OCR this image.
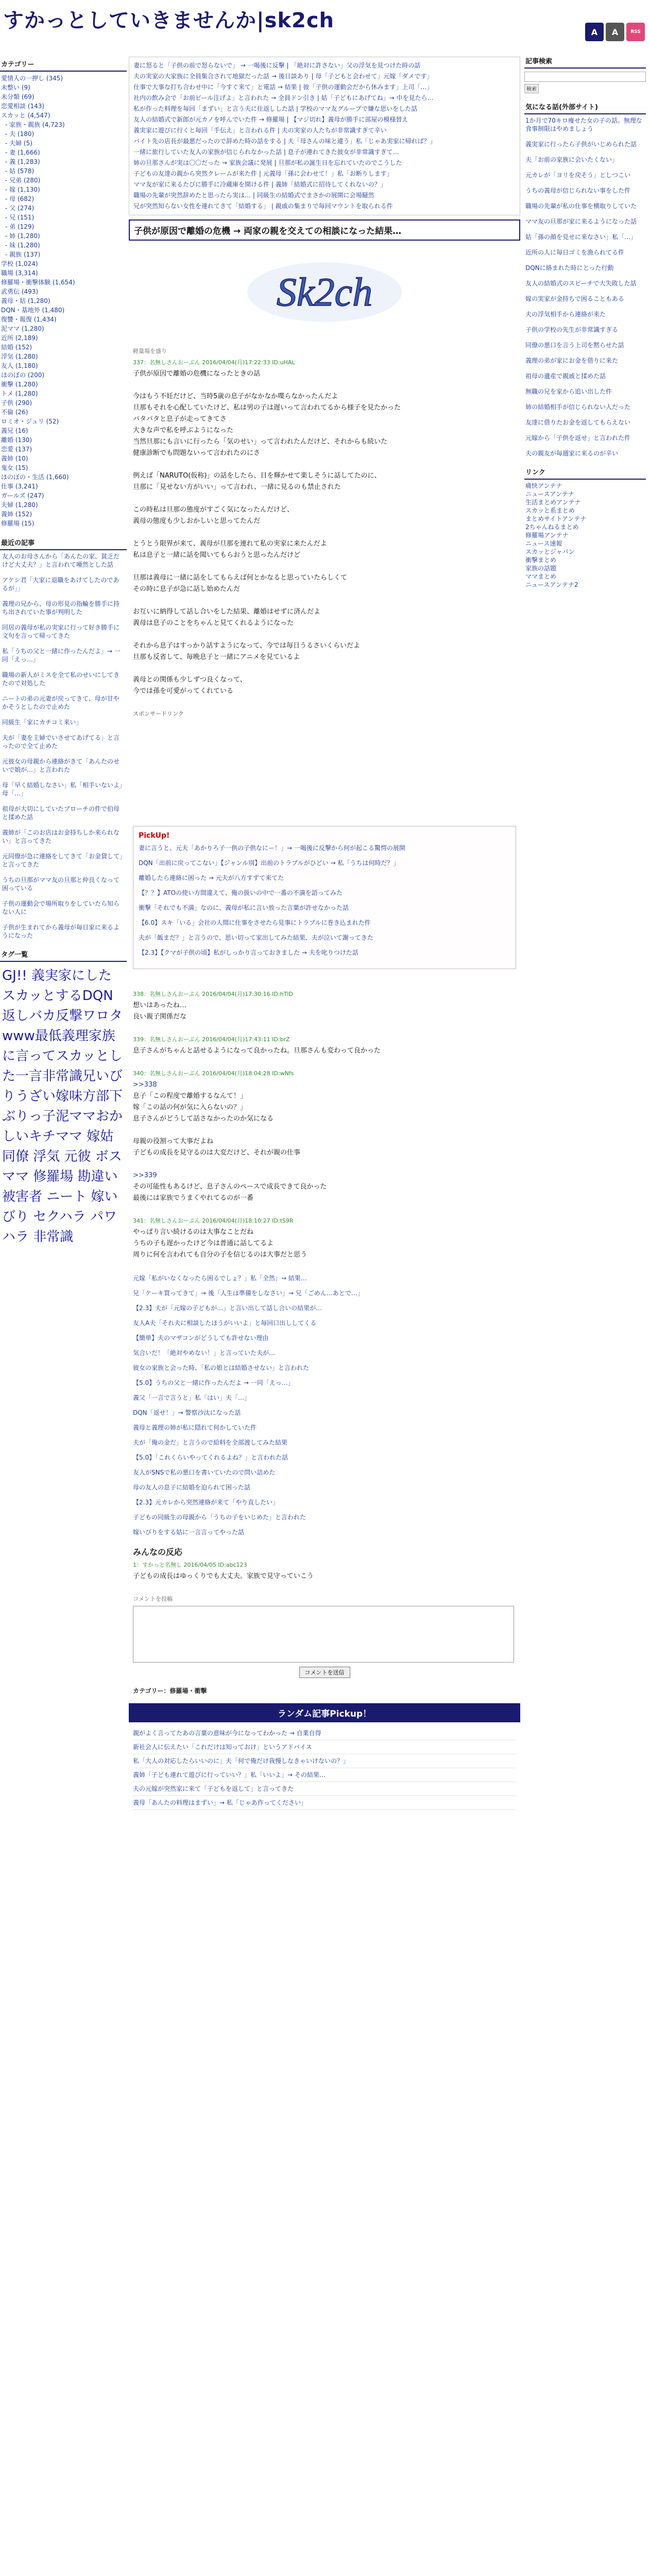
すかっとしていきませんか|sk2ch	A	A	RSS
カテゴリー
愛情人の一押し (345)
未整い (9)
未分類 (69)
恋愛相談 (143)
スカッと (4,547)
- 家族・親族 (4,723)
- 夫 (180)
- 夫婦 (5)
- 妻 (1,666)
- 義 (1,283)
- 姑 (578)
- 兄弟 (280)
- 嫁 (1,130)
- 母 (682)
- 父 (274)
- 兄 (151)
- 弟 (129)
- 姉 (1,280)
- 妹 (1,280)
- 親族 (137)
学校 (1,024)
職場 (3,314)
修羅場・衝撃体験 (1,654)
武勇伝 (493)
義母・姑 (1,280)
DQN・基地外 (1,480)
復讐・報復 (1,434)
泥ママ (1,280)
近所 (2,189)
結婚 (152)
浮気 (1,280)
友人 (1,180)
ほのぼの (200)
衝撃 (1,280)
トメ (1,280)
子供 (290)
不倫 (26)
ロミオ・ジュリ (52)
義兄 (16)
離婚 (130)
恋愛 (137)
義姉 (10)
鬼女 (15)
ほのぼの・生活 (1,660)
仕事 (3,241)
ガールズ (247)
夫婦 (1,280)
義姉 (152)
修羅場 (15)
最近の記事

友人のお母さんから「あんたの家、貧乏だけど大丈夫？」と言われて唖然とした話

アケシ君「大家に退職をあけてしたのであるが」」

義理の兄から、母の形見の指輪を勝手に持ち出されていた事が判明した

同居の義母が私の実家に行って好き勝手に文句を言って帰ってきた

私「うちの父と一緒に作ったんだよ」→ 一同「えっ…」

職場の新人がミスを全て私のせいにしてきたので対処した

ニートの弟の元妻が戻ってきて、母が甘やかそうとしたので止めた

同級生「家にカチコミ来い」

夫が「妻を主婦でいさせてあげてる」と言ったので全て止めた

元彼女の母親から連絡がきて「あんたのせいで娘が…」と言われた

母「早く結婚しなさい」私「相手いないよ」母「…」

祖母が大切にしていたブローチの件で伯母と揉めた話

義姉が「このお店はお金持ちしか来られない」と言ってきた

元同僚が急に連絡をしてきて「お金貸して」と言ってきた

うちの旦那がママ友の旦那と仲良くなって困っている

子供の運動会で場所取りをしていたら知らない人に

子供が生まれてから義母が毎日家に来るようになった

タグ一覧
GJ!! 義実家にしたスカッとするDQN返しバカ反撃ワロタwww最低義理家族に言ってスカッとした一言非常識兄いびりうざい嫁味方部下 ぶりっ子泥ママおかしいキチママ 嫁姑 同僚 浮気 元彼 ボスママ 修羅場 勘違い 被害者 ニート 嫁いびり セクハラ パワハラ 非常識

妻に怒ると「子供の前で怒らないで」 → 一喝後に反撃 | 「絶対に許さない」父の浮気を見つけた時の話

夫の実家の大家族に全員集合されて地獄だった話 → 後日談あり | 母「子どもと会わせて」元嫁「ダメです」

仕事で大事な打ち合わせ中に「今すぐ来て」と電話 → 結果 | 彼「子供の運動会だから休みます」上司「…」

社内の飲み会で「お前ビール注げよ」と言われた → 全員ドン引き | 姑「子どもにあげてね」→ 中を見たら…

私が作った料理を毎回「まずい」と言う夫に仕返しした話 | 学校のママ友グループで嫌な思いをした話

友人の結婚式で新郎が元カノを呼んでいた件 → 修羅場 | 【マジ切れ】義母が勝手に部屋の模様替え

義実家に遊びに行くと毎回「手伝え」と言われる件 | 夫の実家の人たちが非常識すぎて辛い

バイト先の店長が最悪だったので辞めた時の話をする | 夫「母さんの味と違う」私「じゃあ実家に帰れば？」

一緒に旅行していた友人の家族が信じられなかった話 | 息子が連れてきた彼女が非常識すぎて…

姉の旦那さんが実は〇〇だった → 家族会議に発展 | 旦那が私の誕生日を忘れていたのでこうした

子どもの友達の親から突然クレームが来た件 | 元義母「孫に会わせて！」私「お断りします」

ママ友が家に来るたびに勝手に冷蔵庫を開ける件 | 義姉「結婚式に招待してくれないの？」

職場の先輩が突然辞めたと思ったら実は… | 同級生の結婚式でまさかの展開に会場騒然

兄が突然知らない女性を連れてきて「結婚する」 | 親戚の集まりで毎回マウントを取られる件

子供が原因で離婚の危機 → 両家の親を交えての相談になった結果…
Sk2ch
軽量場を盛り
337：名無しさんおーぷん 2016/04/04(月)17:22:33 ID:uHAL

子供が原因で離婚の危機になったときの話

今はもう不妊だけど、当時5歳の息子がなかなか喋らなかったんだよ

旦那もそれを心配していたけど、私は男の子は遅いって言われてるから様子を見たかった

パタパタと息子が走ってきてさ

大きな声で私を呼ぶようになった

当然旦那にも言いに行ったら「気のせい」って言われたんだけど、それからも続いた

健康診断でも問題ないって言われたのにさ

例えば「NARUTO(仮称)」の話をしたら、目を輝かせて楽しそうに話してたのに、

旦那に「見せない方がいい」って言われ、一緒に見るのも禁止された

この時私は旦那の態度がすごく気になったんだけど、

義母の態度も少しおかしいと思ってたんだ

とうとう限界が来て、義母が旦那を連れて私の実家に来たんだよ

私は息子と一緒に話を聞いてもらおうと思ったんだけど

旦那は義母に一緒に話をしてもらえば何とかなると思っていたらしくて

その時に息子が急に話し始めたんだ

お互いに納得して話し合いをした結果、離婚はせずに済んだよ

義母は息子のことをちゃんと見てくれるようになった

それから息子はすっかり話すようになって、今では毎日うるさいくらいだよ

旦那も反省して、毎晩息子と一緒にアニメを見ているよ

義母との関係も少しずつ良くなって、

今では孫を可愛がってくれている

スポンサードリンク
PickUp!

妻に言うと、元夫「あかりろ子一供の子供なにー！」→ 一喝後に反撃から何が起こる驚愕の展開

DQN「出前に戻ってこない」【ジャンル別】出前のトラブルがひどい → 私「うちは何時だ？」

離婚したら連絡に困った → 元夫が八方すずて来てた

【？？】ATOの使い方間違えて、俺の扱いの中で一番の不満を語ってみた

衝撃「それでも不満」なのに、義母が私に言い放った言葉が許せなかった話

【6.0】スキ「いる」会社の人間に仕事をさせたら見事にトラブルに巻き込まれた件

夫が「飯まだ？」と言うので、思い切って家出してみた結果、夫が泣いて謝ってきた

【2.3】【クマが子供の頃】私がしっかり言っておきました → 夫を叱りつけた話

338：名無しさんおーぷん 2016/04/04(月)17:30:16 ID:hTlD

想いはあったね…

良い親子関係だな

339：名無しさんおーぷん 2016/04/04(月)17:43:11 ID:brZ

息子さんがちゃんと話せるようになって良かったね。旦那さんも変わって良かった

340：名無しさんおーぷん 2016/04/04(月)18:04:28 ID:wNfs

>>338

息子「この程度で離婚するなんて！」

嫁「この話の何が気に入らないの？」

息子さんがどうして話さなかったのか気になる

母親の役割って大事だよね

子どもの成長を見守るのは大変だけど、それが親の仕事

>>339

その可能性もあるけど、息子さんのペースで成長できて良かった

最後には家族でうまくやれてるのが一番

341：名無しさんおーぷん 2016/04/04(月)18:10:27 ID:tS9R

やっぱり言い続けるのは大事なことだね

うちの子も遅かったけど今は普通に話してるよ

周りに何を言われても自分の子を信じるのは大事だと思う

元嫁「私がいなくなったら困るでしょ？」私「全然」→ 結果…

兄「ケーキ買ってきて」→ 後「人生は準備をしなさい」→ 兄「ごめん…あとで…」

【2.3】夫が「元嫁の子どもが…」と言い出して話し合いの結果が…

友人A夫「それ夫に相談したほうがいいよ」と毎回口出ししてくる

【簡単】夫のマザコンがどうしても許せない理由

気合いだ！「絶対やめない！」と言っていた夫が…

彼女の家族と会った時、「私の娘とは結婚させない」と言われた

【5.0】うちの父と一緒に作ったんだよ → 一同「えっ…」

義父「一言で言うと」私「はい」夫「…」

DQN「返せ！」→ 警察沙汰になった話

義母と義理の姉が私に隠れて何かしていた件

夫が「俺の金だ」と言うので給料を全部渡してみた結果

【5.0】「これくらいやってくれるよね？」と言われた話

友人がSNSで私の悪口を書いていたので問い詰めた

母の友人の息子に結婚を迫られて困った話

【2.3】元カレから突然連絡が来て「やり直したい」

子どもの同級生の母親から「うちの子をいじめた」と言われた

嫁いびりをする姑に一言言ってやった話

みんなの反応
1：すかっと名無し 2016/04/05 ID:abc123

子どもの成長はゆっくりでも大丈夫。家族で見守っていこう

コメントを投稿
コメントを送信
カテゴリー：修羅場・衝撃
ランダム記事Pickup！

親がよく言ってたあの言葉の意味が今になってわかった → 自業自得

新社会人に伝えたい「これだけは知っておけ」というアドバイス

私「大人の対応したらいいのに」夫「何で俺だけ我慢しなきゃいけないの？」

義姉「子ども連れて遊びに行っていい？」私「いいよ」→ その結果…

夫の元嫁が突然家に来て「子どもを返して」と言ってきた

義母「あんたの料理はまずい」→ 私「じゃあ作ってください」

記事検索
検索
気になる話(外部サイト)

1か月で70キロ痩せた女の子の話。無理な食事制限はやめましょう

義実家に行ったら子供がいじめられた話

夫「お前の家族に会いたくない」

元カレが「ヨリを戻そう」としつこい

うちの義母が信じられない事をした件

職場の先輩が私の仕事を横取りしていた

ママ友の旦那が家に来るようになった話

姑「孫の顔を見せに来なさい」私「…」

近所の人に毎日ゴミを漁られてる件

DQNに絡まれた時にとった行動

友人の結婚式のスピーチで大失敗した話

嫁の実家が金持ちで困ることもある

夫の浮気相手から連絡が来た

子供の学校の先生が非常識すぎる

同僚の悪口を言う上司を黙らせた話

義理の弟が家にお金を借りに来た

祖母の遺産で親戚と揉めた話

無職の兄を家から追い出した件

姉の結婚相手が信じられない人だった

友達に借りたお金を返してもらえない

元嫁から「子供を返せ」と言われた件

夫の親友が毎週家に来るのが辛い

リンク
痛快アンテナ
ニュースアンテナ
生活まとめアンテナ
スカッと系まとめ
まとめサイトアンテナ
2ちゃんねるまとめ
修羅場アンテナ
ニュース速報
スカッとジャパン
衝撃まとめ
家族の話題
ママまとめ
ニュースアンテナ2
